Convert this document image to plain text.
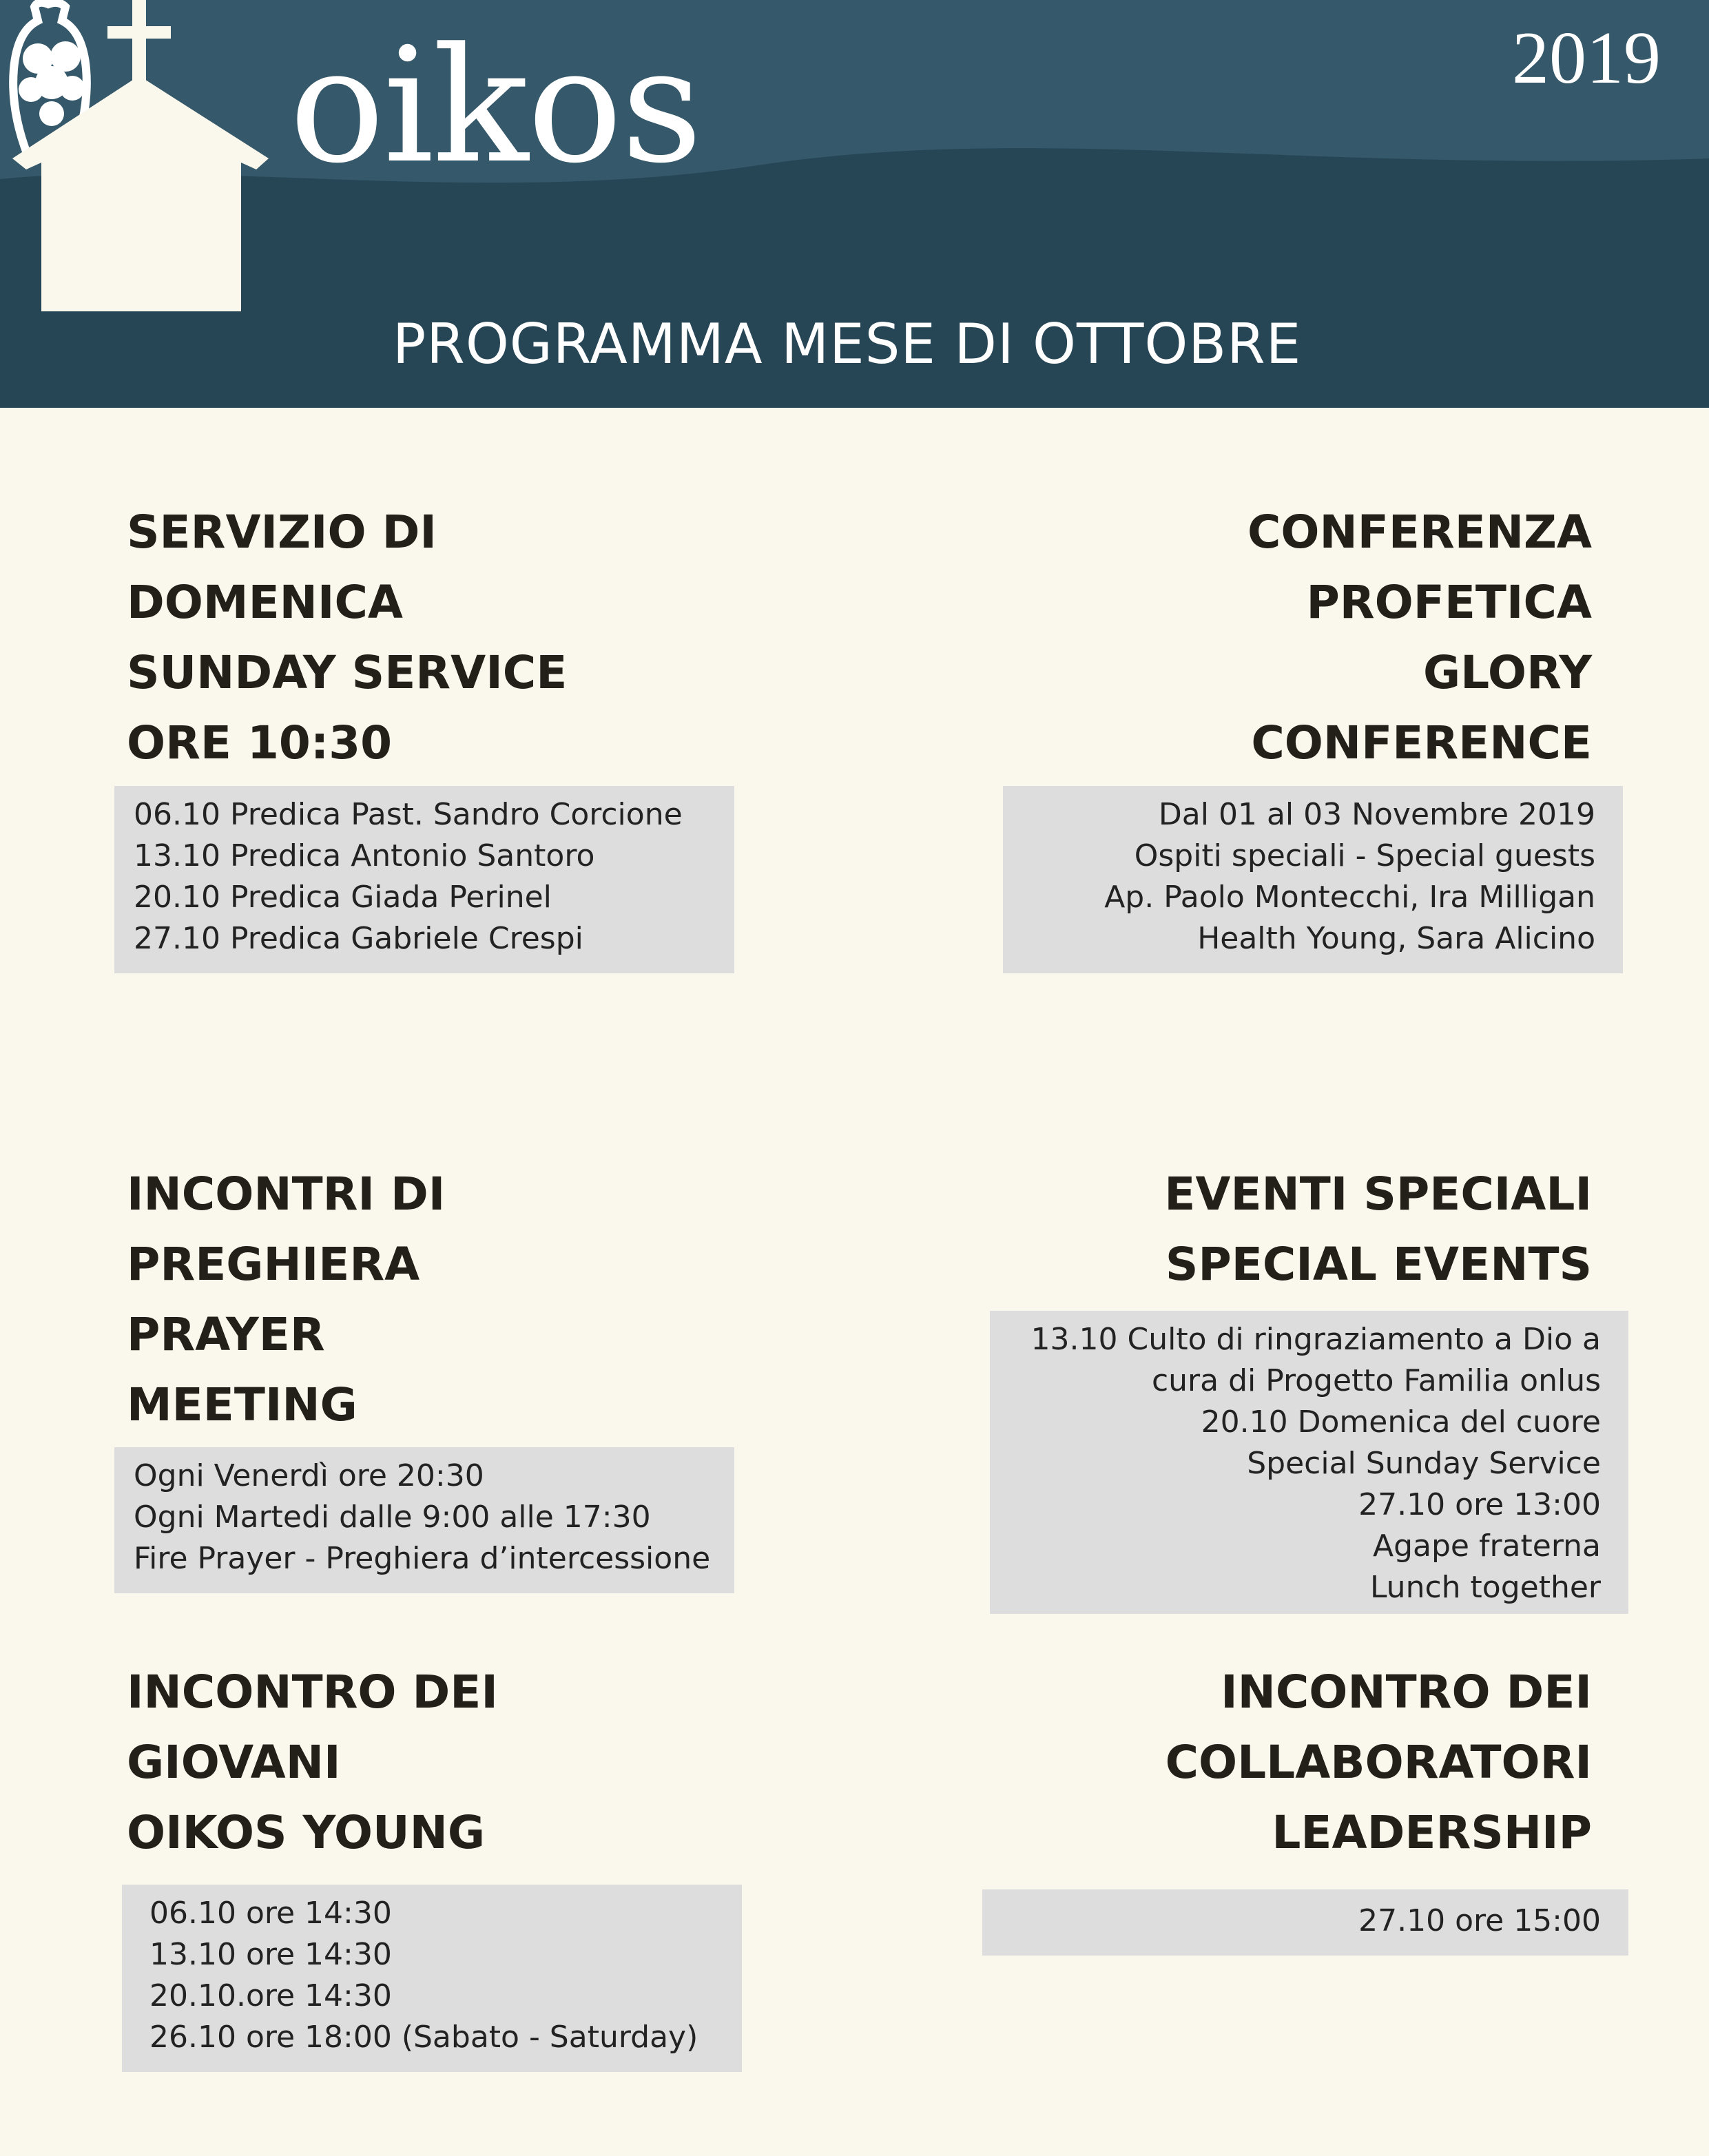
oikos	2019
PROGRAMMA MESE DI OTTOBRE
SERVIZIO DI
DOMENICA
SUNDAY SERVICE
ORE 10:30
06.10 Predica Past. Sandro Corcione
13.10 Predica Antonio Santoro
20.10 Predica Giada Perinel
27.10 Predica Gabriele Crespi
CONFERENZA
PROFETICA
GLORY
CONFERENCE
Dal 01 al 03 Novembre 2019
Ospiti speciali - Special guests
Ap. Paolo Montecchi, Ira Milligan
Health Young, Sara Alicino
INCONTRI DI
PREGHIERA
PRAYER
MEETING
Ogni Venerdì ore 20:30
Ogni Martedi dalle 9:00 alle 17:30
Fire Prayer - Preghiera d’intercessione
EVENTI SPECIALI
SPECIAL EVENTS
13.10 Culto di ringraziamento a Dio a
cura di Progetto Familia onlus
20.10 Domenica del cuore
Special Sunday Service
27.10 ore 13:00
Agape fraterna
Lunch together
INCONTRO DEI
GIOVANI
OIKOS YOUNG
06.10 ore 14:30
13.10 ore 14:30
20.10.ore 14:30
26.10 ore 18:00 (Sabato - Saturday)
INCONTRO DEI
COLLABORATORI
LEADERSHIP
27.10 ore 15:00
